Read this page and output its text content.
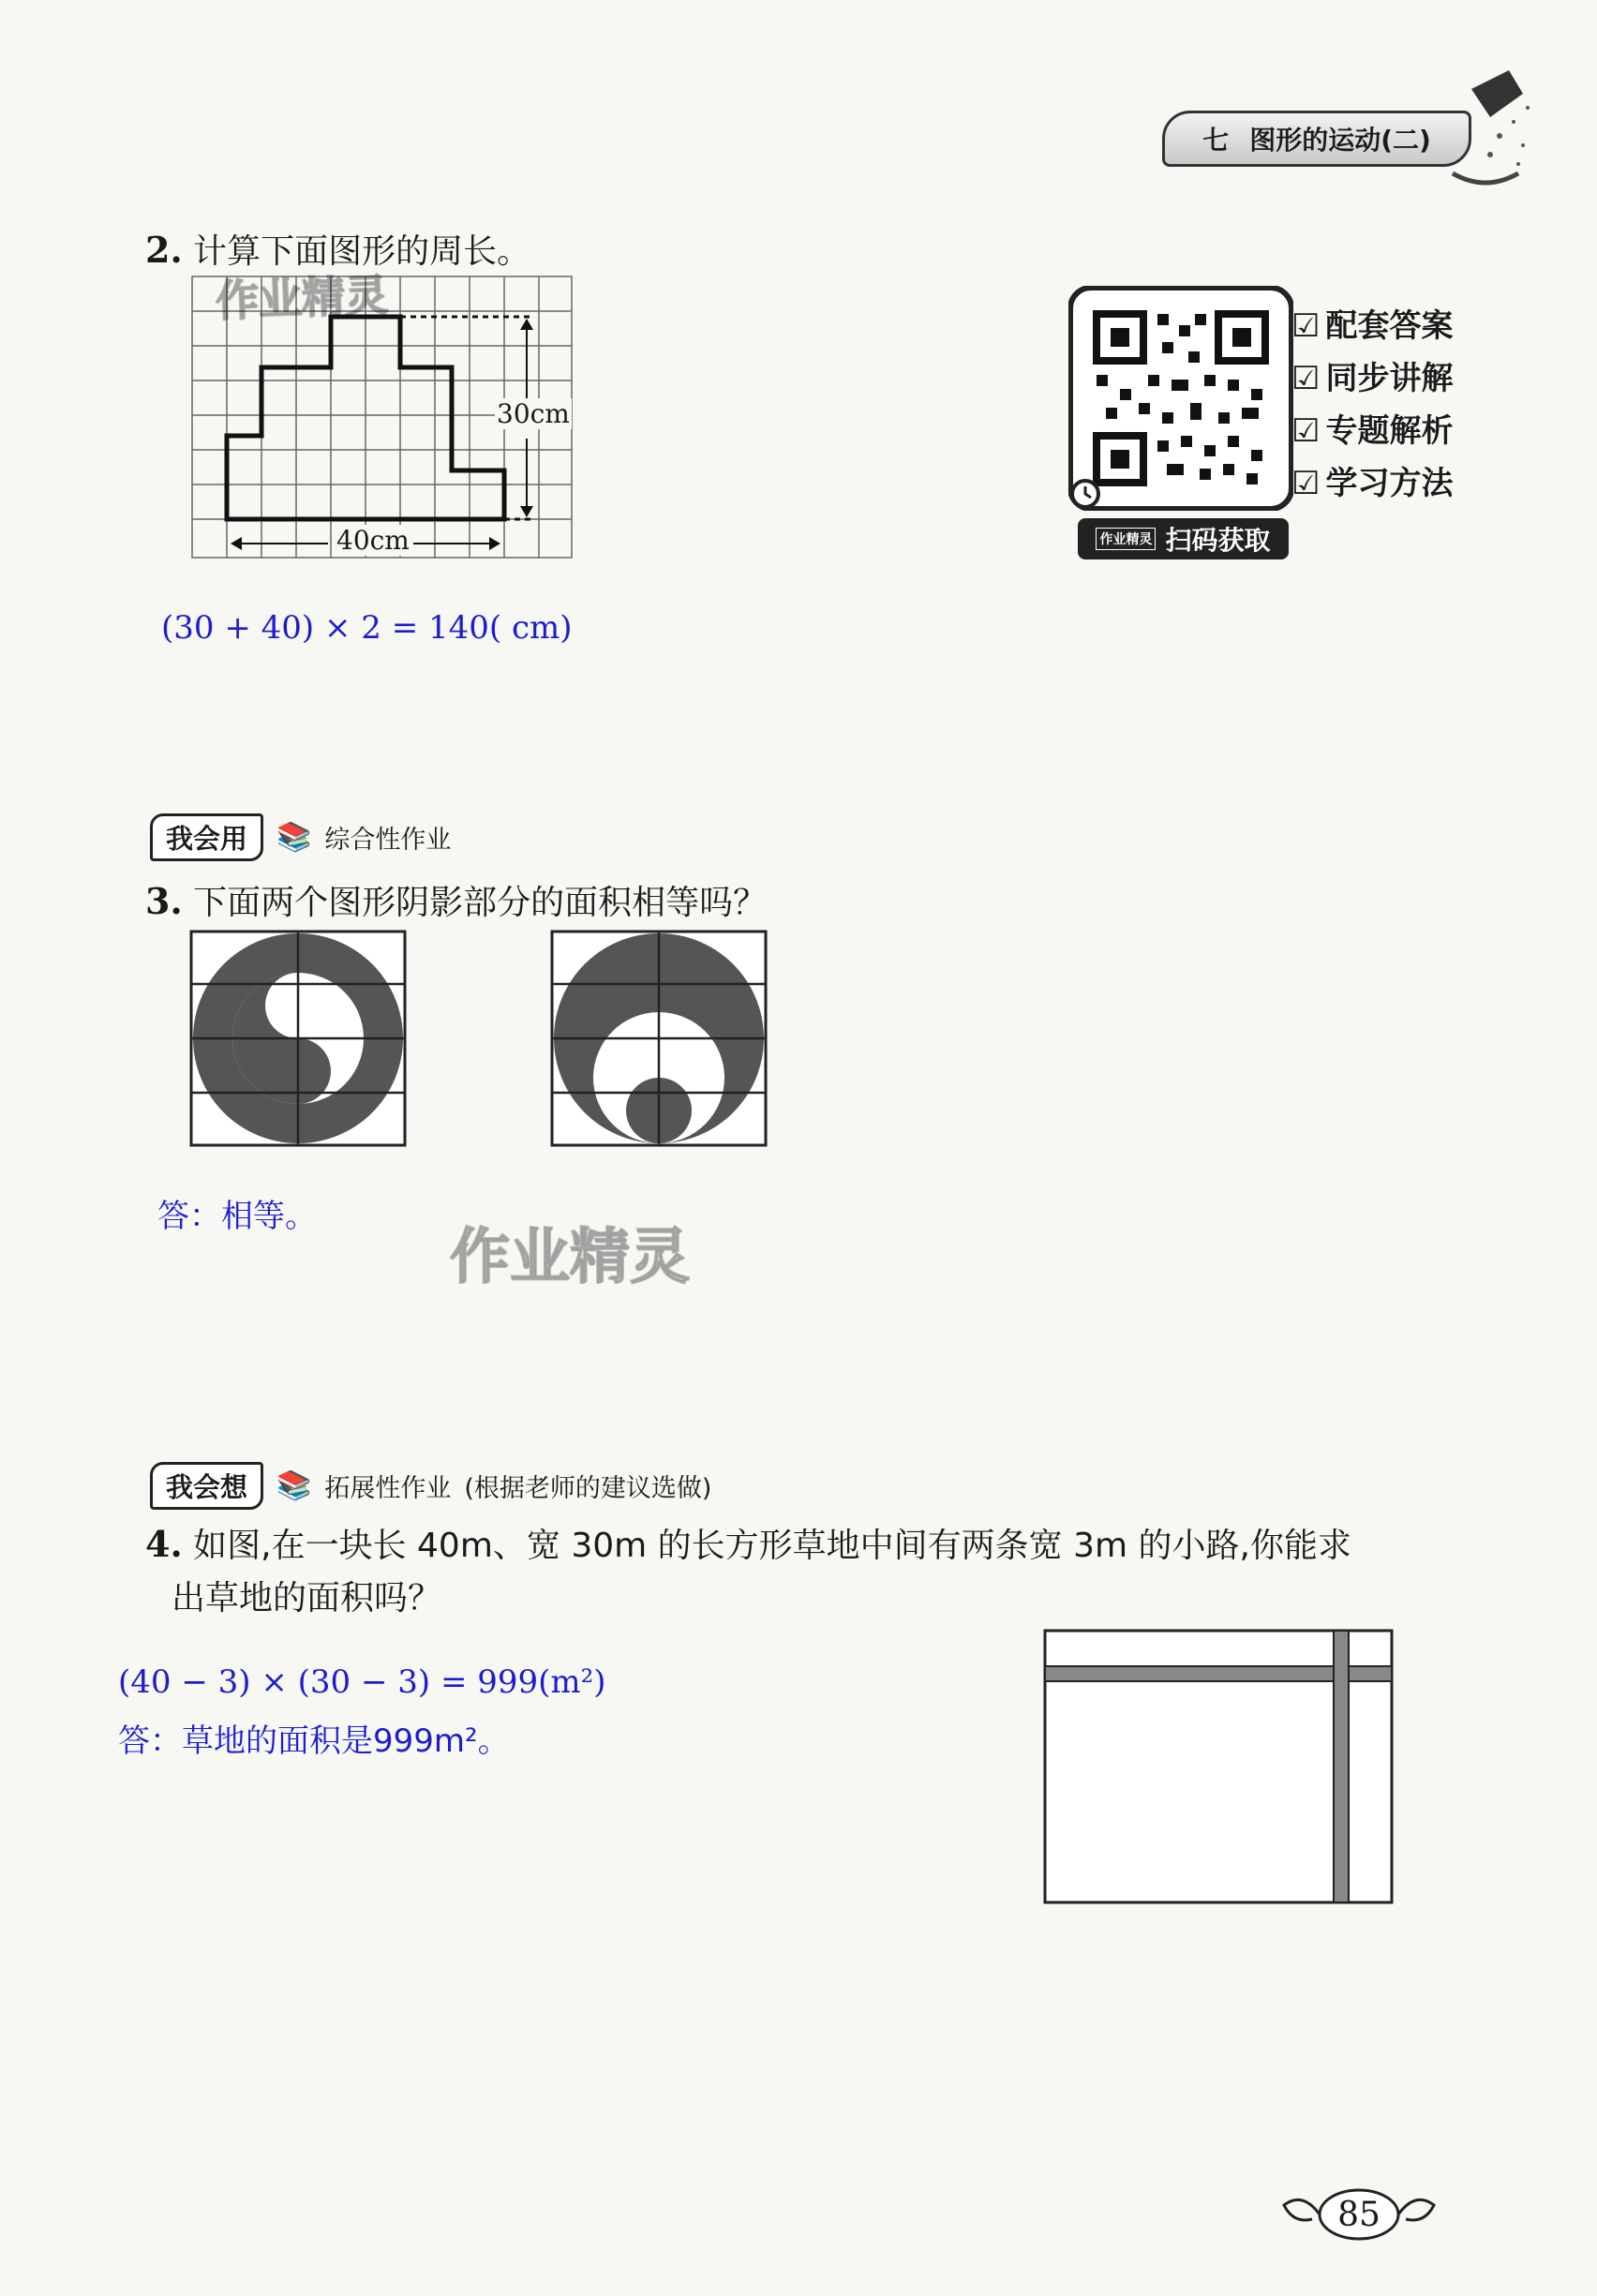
七 图形的运动(二)
2. 计算下面图形的周长。
30cm
40cm
(30 + 40) × 2 = 140( cm)
☑ 配套答案
☑ 同步讲解
☑ 专题解析
☑ 学习方法
作业精灵 扫码获取
我会用	📚 综合性作业
3. 下面两个图形阴影部分的面积相等吗？
答：相等。
作业精灵
作业精灵
我会想	📚 拓展性作业 (根据老师的建议选做)
4. 如图,在一块长 40m、宽 30m 的长方形草地中间有两条宽 3m 的小路,你能求
出草地的面积吗？
(40 − 3) × (30 − 3) = 999(m²)
答：草地的面积是999m²。
85
